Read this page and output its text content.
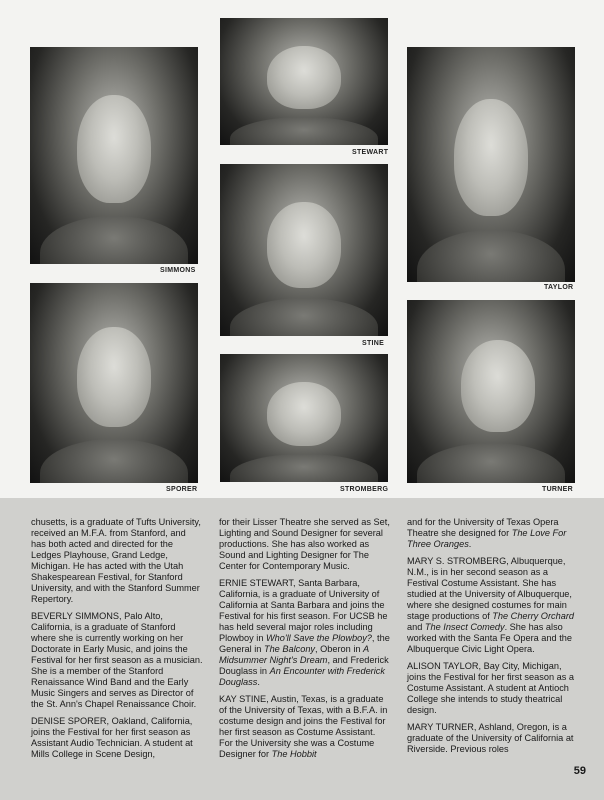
SIMMONS
STEWART
TAYLOR
STINE
SPORER	STROMBERG	TURNER

chusetts, is a graduate of Tufts University, received an M.F.A. from Stanford, and has both acted and directed for the Ledges Playhouse, Grand Ledge, Michigan. He has acted with the Utah Shakespearean Festival, for Stanford University, and with the Stanford Summer Repertory.

BEVERLY SIMMONS, Palo Alto, California, is a graduate of Stanford where she is currently working on her Doctorate in Early Music, and joins the Festival for her first season as a musician. She is a member of the Stanford Renaissance Wind Band and the Early Music Singers and serves as Director of the St. Ann's Chapel Renaissance Choir.

DENISE SPORER, Oakland, California, joins the Festival for her first season as Assistant Audio Technician. A student at Mills College in Scene Design,

for their Lisser Theatre she served as Set, Lighting and Sound Designer for several productions. She has also worked as Sound and Lighting Designer for The Center for Contemporary Music.

ERNIE STEWART, Santa Barbara, California, is a graduate of University of California at Santa Barbara and joins the Festival for his first season. For UCSB he has held several major roles including Plowboy in Who'll Save the Plowboy?, the General in The Balcony, Oberon in A Midsummer Night's Dream, and Frederick Douglass in An Encounter with Frederick Douglass.

KAY STINE, Austin, Texas, is a graduate of the University of Texas, with a B.F.A. in costume design and joins the Festival for her first season as Costume Assistant. For the University she was a Costume Designer for The Hobbit

and for the University of Texas Opera Theatre she designed for The Love For Three Oranges.

MARY S. STROMBERG, Albuquerque, N.M., is in her second season as a Festival Costume Assistant. She has studied at the University of Albuquerque, where she designed costumes for main stage productions of The Cherry Orchard and The Insect Comedy. She has also worked with the Santa Fe Opera and the Albuquerque Civic Light Opera.

ALISON TAYLOR, Bay City, Michigan, joins the Festival for her first season as a Costume Assistant. A student at Antioch College she intends to study theatrical design.

MARY TURNER, Ashland, Oregon, is a graduate of the University of California at Riverside. Previous roles

59
